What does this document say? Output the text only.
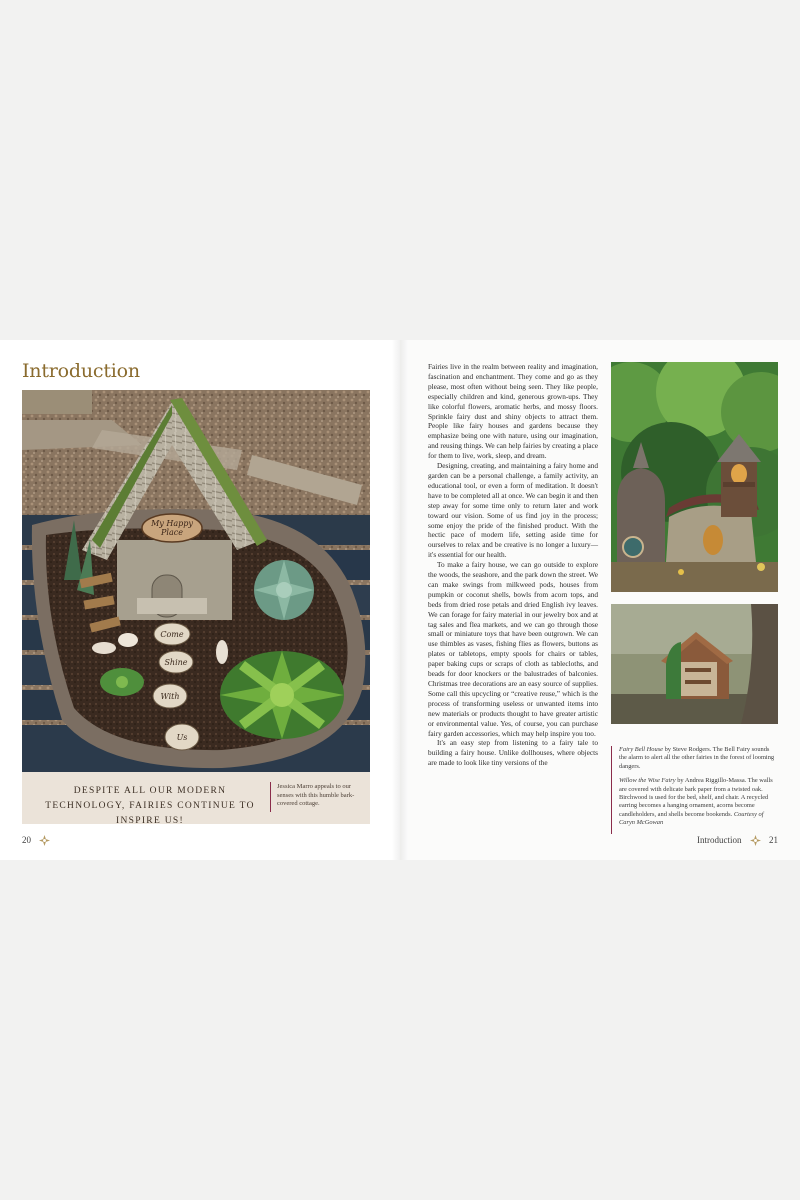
Introduction
My Happy
Place
Come
Shine
With
Us
DESPITE ALL OUR MODERN TECHNOLOGY, FAIRIES CONTINUE TO INSPIRE US!
Jessica Marro appeals to our senses with this humble bark-covered cottage.
20

Fairies live in the realm between reality and imagination, fascination and enchantment. They come and go as they please, most often without being seen. They like people, especially children and kind, generous grown-ups. They like colorful flowers, aromatic herbs, and mossy floors. Sprinkle fairy dust and shiny objects to attract them. People like fairy houses and gardens because they emphasize being one with nature, using our imagination, and reusing things. We can help fairies by creating a place for them to live, work, sleep, and dream.

Designing, creating, and maintaining a fairy home and garden can be a personal challenge, a family activity, an educational tool, or even a form of meditation. It doesn't have to be completed all at once. We can begin it and then step away for some time only to return later and work toward our vision. Some of us find joy in the process; some enjoy the pride of the finished product. With the hectic pace of modern life, setting aside time for ourselves to relax and be creative is no longer a luxury—it's essential for our health.

To make a fairy house, we can go outside to explore the woods, the seashore, and the park down the street. We can make swings from milkweed pods, houses from pumpkin or coconut shells, bowls from acorn tops, and beds from dried rose petals and dried English ivy leaves. We can forage for fairy material in our jewelry box and at tag sales and flea markets, and we can go through those small or miniature toys that have been outgrown. We can use thimbles as vases, fishing flies as flowers, buttons as plates or tabletops, empty spools for chairs or tables, paper baking cups or scraps of cloth as tablecloths, and beads for door knockers or the balustrades of balconies. Christmas tree decorations are an easy source of supplies. Some call this upcycling or “creative reuse,” which is the process of transforming useless or unwanted items into new materials or products thought to have greater artistic or environmental value. Yes, of course, you can purchase fairy garden accessories, which may help inspire you too.

It's an easy step from listening to a fairy tale to building a fairy house. Unlike dollhouses, where objects are made to look like tiny versions of the

Fairy Bell House by Steve Rodgers. The Bell Fairy sounds the alarm to alert all the other fairies in the forest of looming dangers.

Willow the Wise Fairy by Andrea Riggillo-Massa. The walls are covered with delicate bark paper from a twisted oak. Birchwood is used for the bed, shelf, and chair. A recycled earring becomes a hanging ornament, acorns become candleholders, and shells become bookends. Courtesy of Caryn McGowan

Introduction	21
